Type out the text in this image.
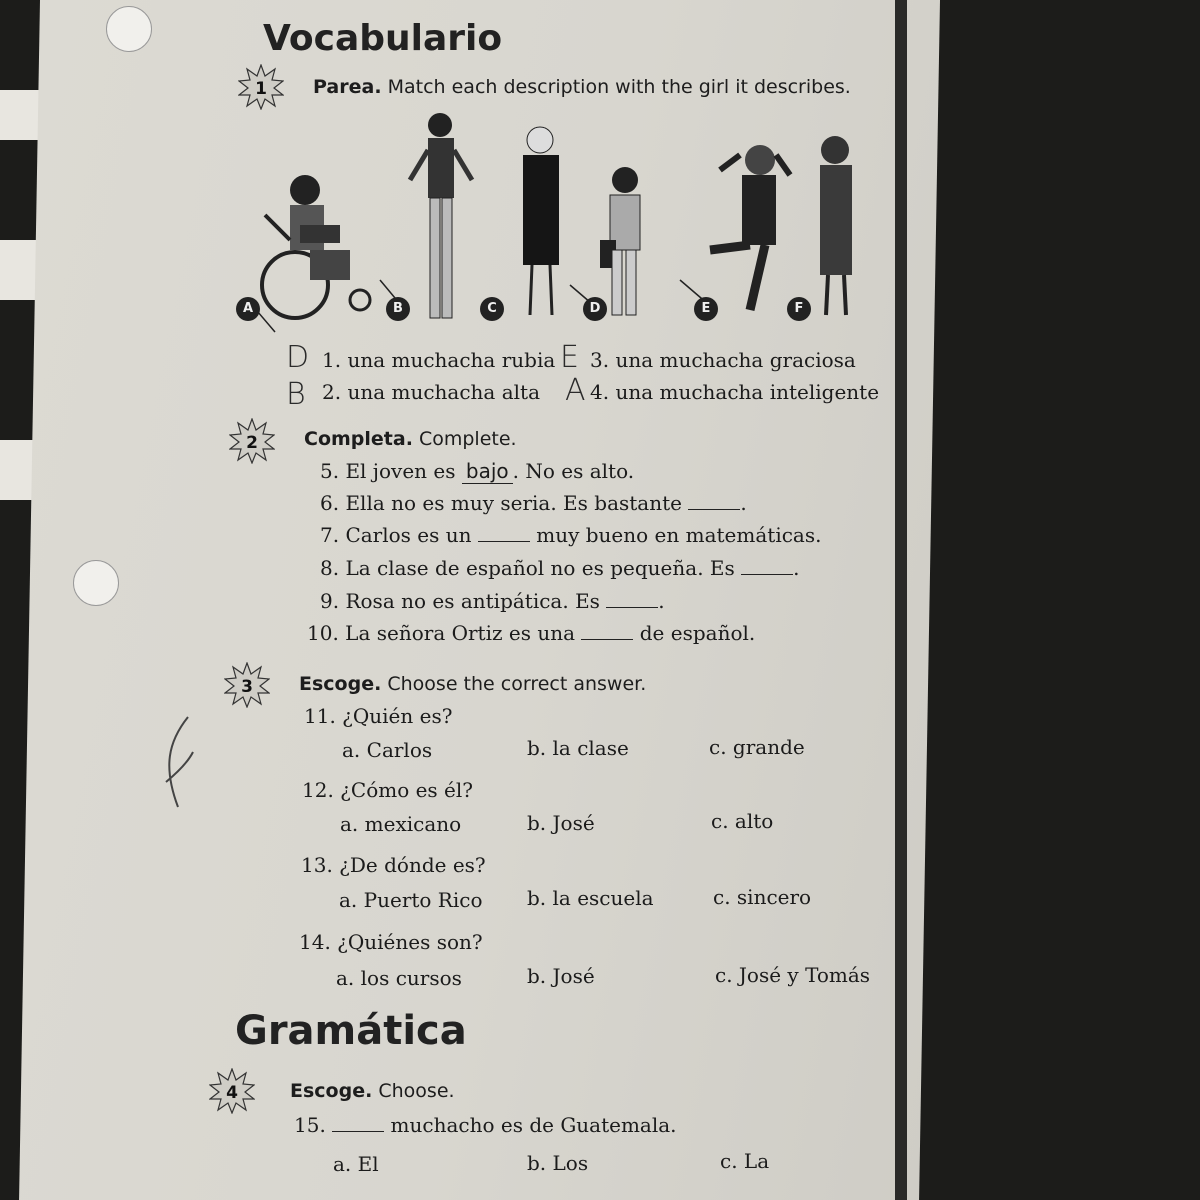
Vocabulario
1 Parea. Match each description with the girl it describes.
A	B	C	D	E	F
D 1. una muchacha rubia E 3. una muchacha graciosa
B 2. una muchacha alta A 4. una muchacha inteligente
2 Completa. Complete.
5. El joven es bajo . No es alto.
6. Ella no es muy seria. Es bastante	.
7. Carlos es un	muy bueno en matemáticas.
8. La clase de español no es pequeña. Es	.
9. Rosa no es antipática. Es	.
10. La señora Ortiz es una	de español.
3 Escoge. Choose the correct answer.
11. ¿Quién es?
a. Carlos	b. la clase	c. grande
12. ¿Cómo es él?
a. mexicano	b. José	c. alto
13. ¿De dónde es?
a. Puerto Rico b. la escuela	c. sincero
14. ¿Quiénes son?
a. los cursos	b. José	c. José y Tomás
Gramática
4	Escoge. Choose.
15.	muchacho es de Guatemala.
a. El	b. Los	c. La
